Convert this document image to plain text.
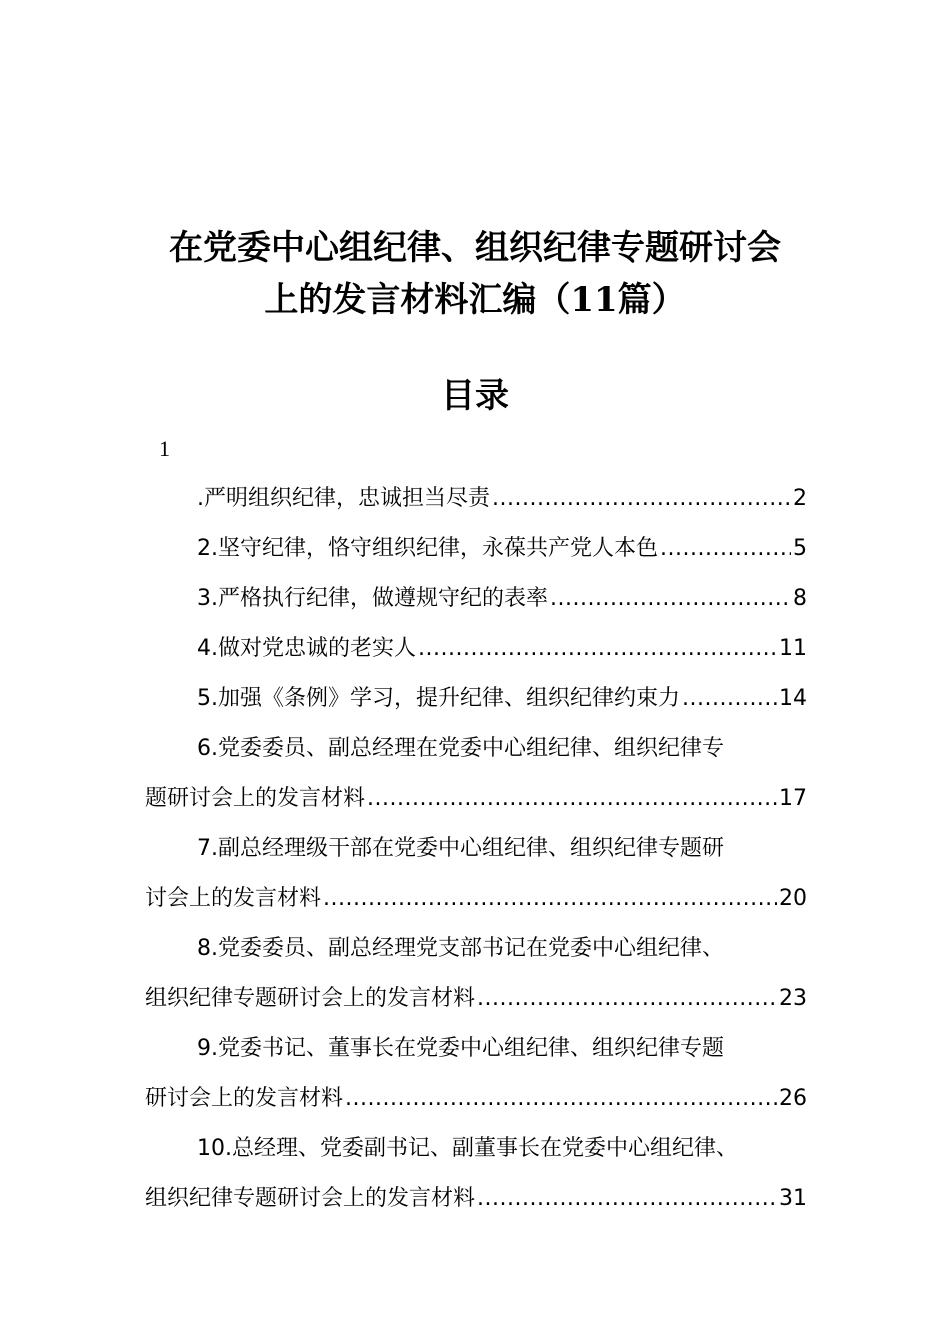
在党委中心组纪律、组织纪律专题研讨会
上的发言材料汇编（11篇）
目录
1
.严明组织纪律，忠诚担当尽责 .....	2
2.坚守纪律，恪守组织纪律，永葆共产党人本色 .....	5
3.严格执行纪律，做遵规守纪的表率 .....	8
4.做对党忠诚的老实人 .....	11
5.加强《条例》学习，提升纪律、组织纪律约束力 .....	14
6.党委委员、副总经理在党委中心组纪律、组织纪律专
题研讨会上的发言材料 .....	17
7.副总经理级干部在党委中心组纪律、组织纪律专题研
讨会上的发言材料 .....	20
8.党委委员、副总经理党支部书记在党委中心组纪律、
组织纪律专题研讨会上的发言材料 .....	23
9.党委书记、董事长在党委中心组纪律、组织纪律专题
研讨会上的发言材料 .....	26
10.总经理、党委副书记、副董事长在党委中心组纪律、
组织纪律专题研讨会上的发言材料 .....	31
